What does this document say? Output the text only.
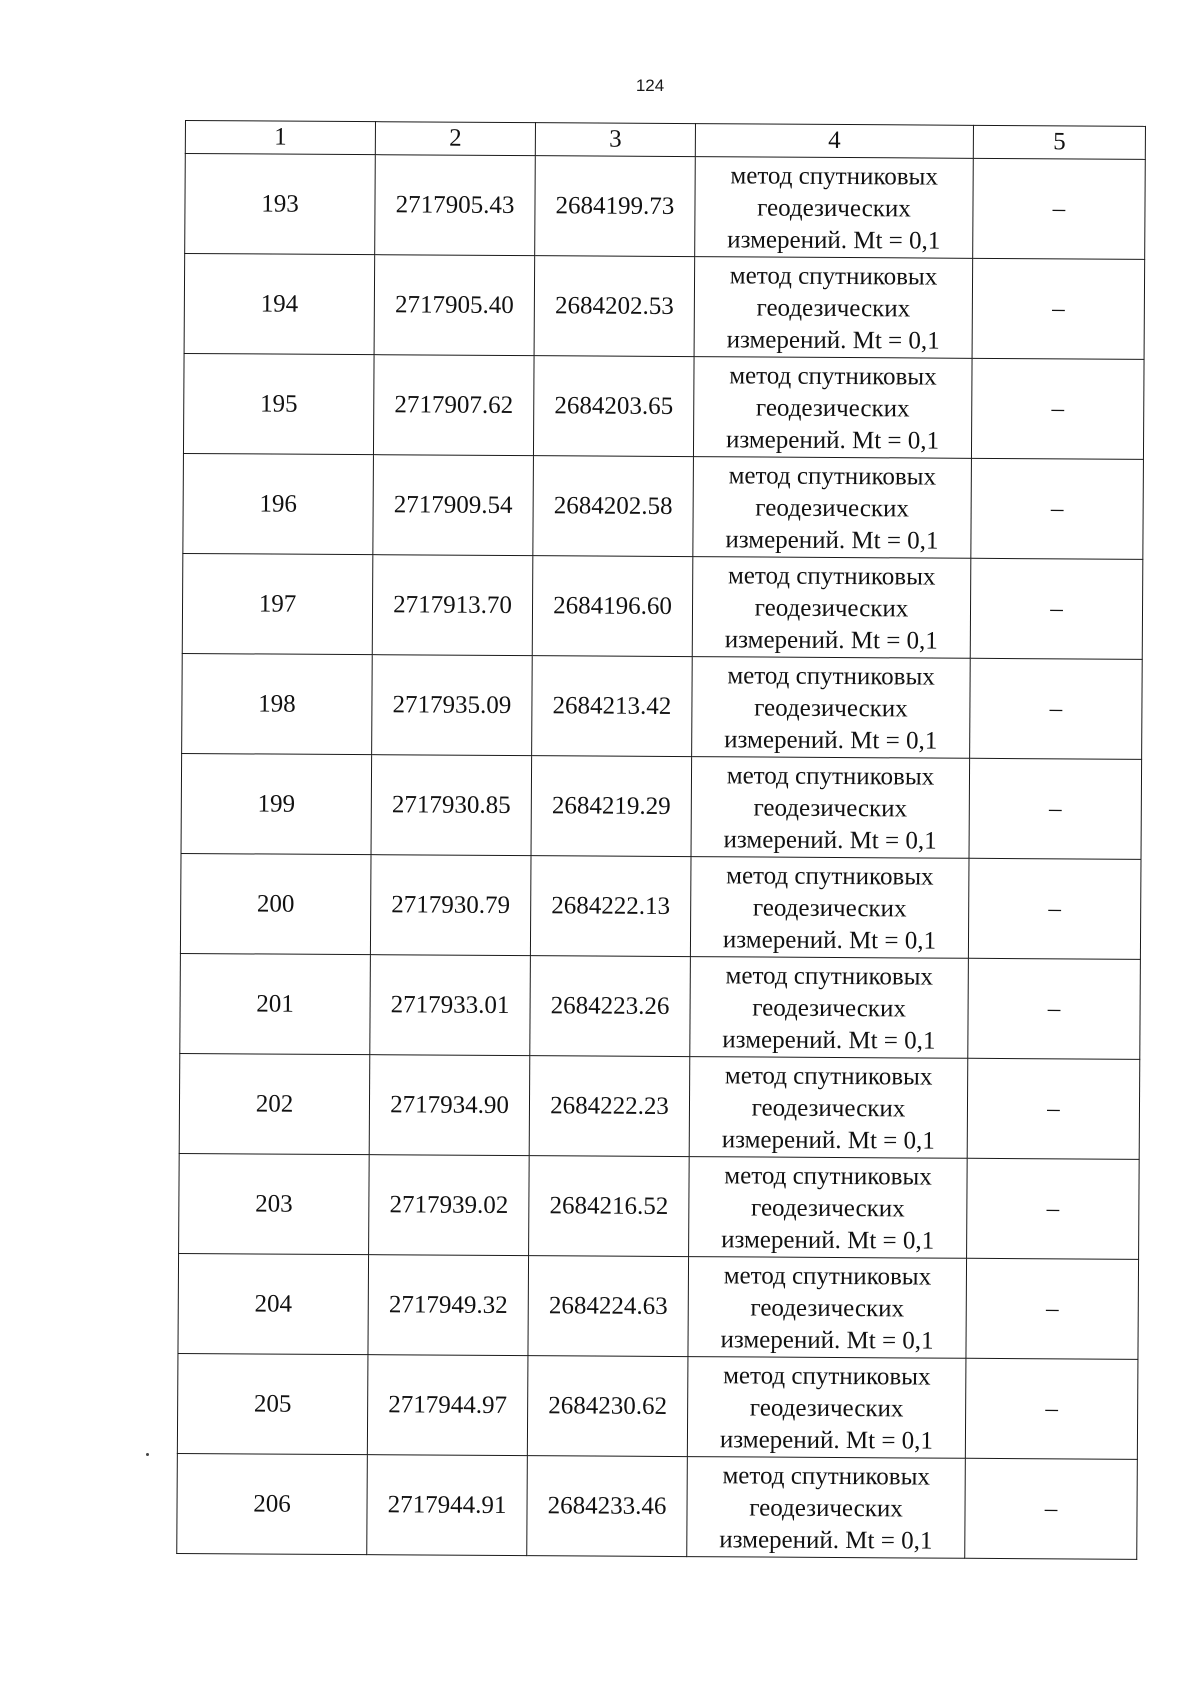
124
1	2	3	4	5
193	2717905.43	2684199.73	метод спутниковых
геодезических
измерений. Mt = 0,1	–
194	2717905.40	2684202.53	метод спутниковых
геодезических
измерений. Mt = 0,1	–
195	2717907.62	2684203.65	метод спутниковых
геодезических
измерений. Mt = 0,1	–
196	2717909.54	2684202.58	метод спутниковых
геодезических
измерений. Mt = 0,1	–
197	2717913.70	2684196.60	метод спутниковых
геодезических
измерений. Mt = 0,1	–
198	2717935.09	2684213.42	метод спутниковых
геодезических
измерений. Mt = 0,1	–
199	2717930.85	2684219.29	метод спутниковых
геодезических
измерений. Mt = 0,1	–
200	2717930.79	2684222.13	метод спутниковых
геодезических
измерений. Mt = 0,1	–
201	2717933.01	2684223.26	метод спутниковых
геодезических
измерений. Mt = 0,1	–
202	2717934.90	2684222.23	метод спутниковых
геодезических
измерений. Mt = 0,1	–
203	2717939.02	2684216.52	метод спутниковых
геодезических
измерений. Mt = 0,1	–
204	2717949.32	2684224.63	метод спутниковых
геодезических
измерений. Mt = 0,1	–
205	2717944.97	2684230.62	метод спутниковых
геодезических
измерений. Mt = 0,1	–
206	2717944.91	2684233.46	метод спутниковых
геодезических
измерений. Mt = 0,1	–
